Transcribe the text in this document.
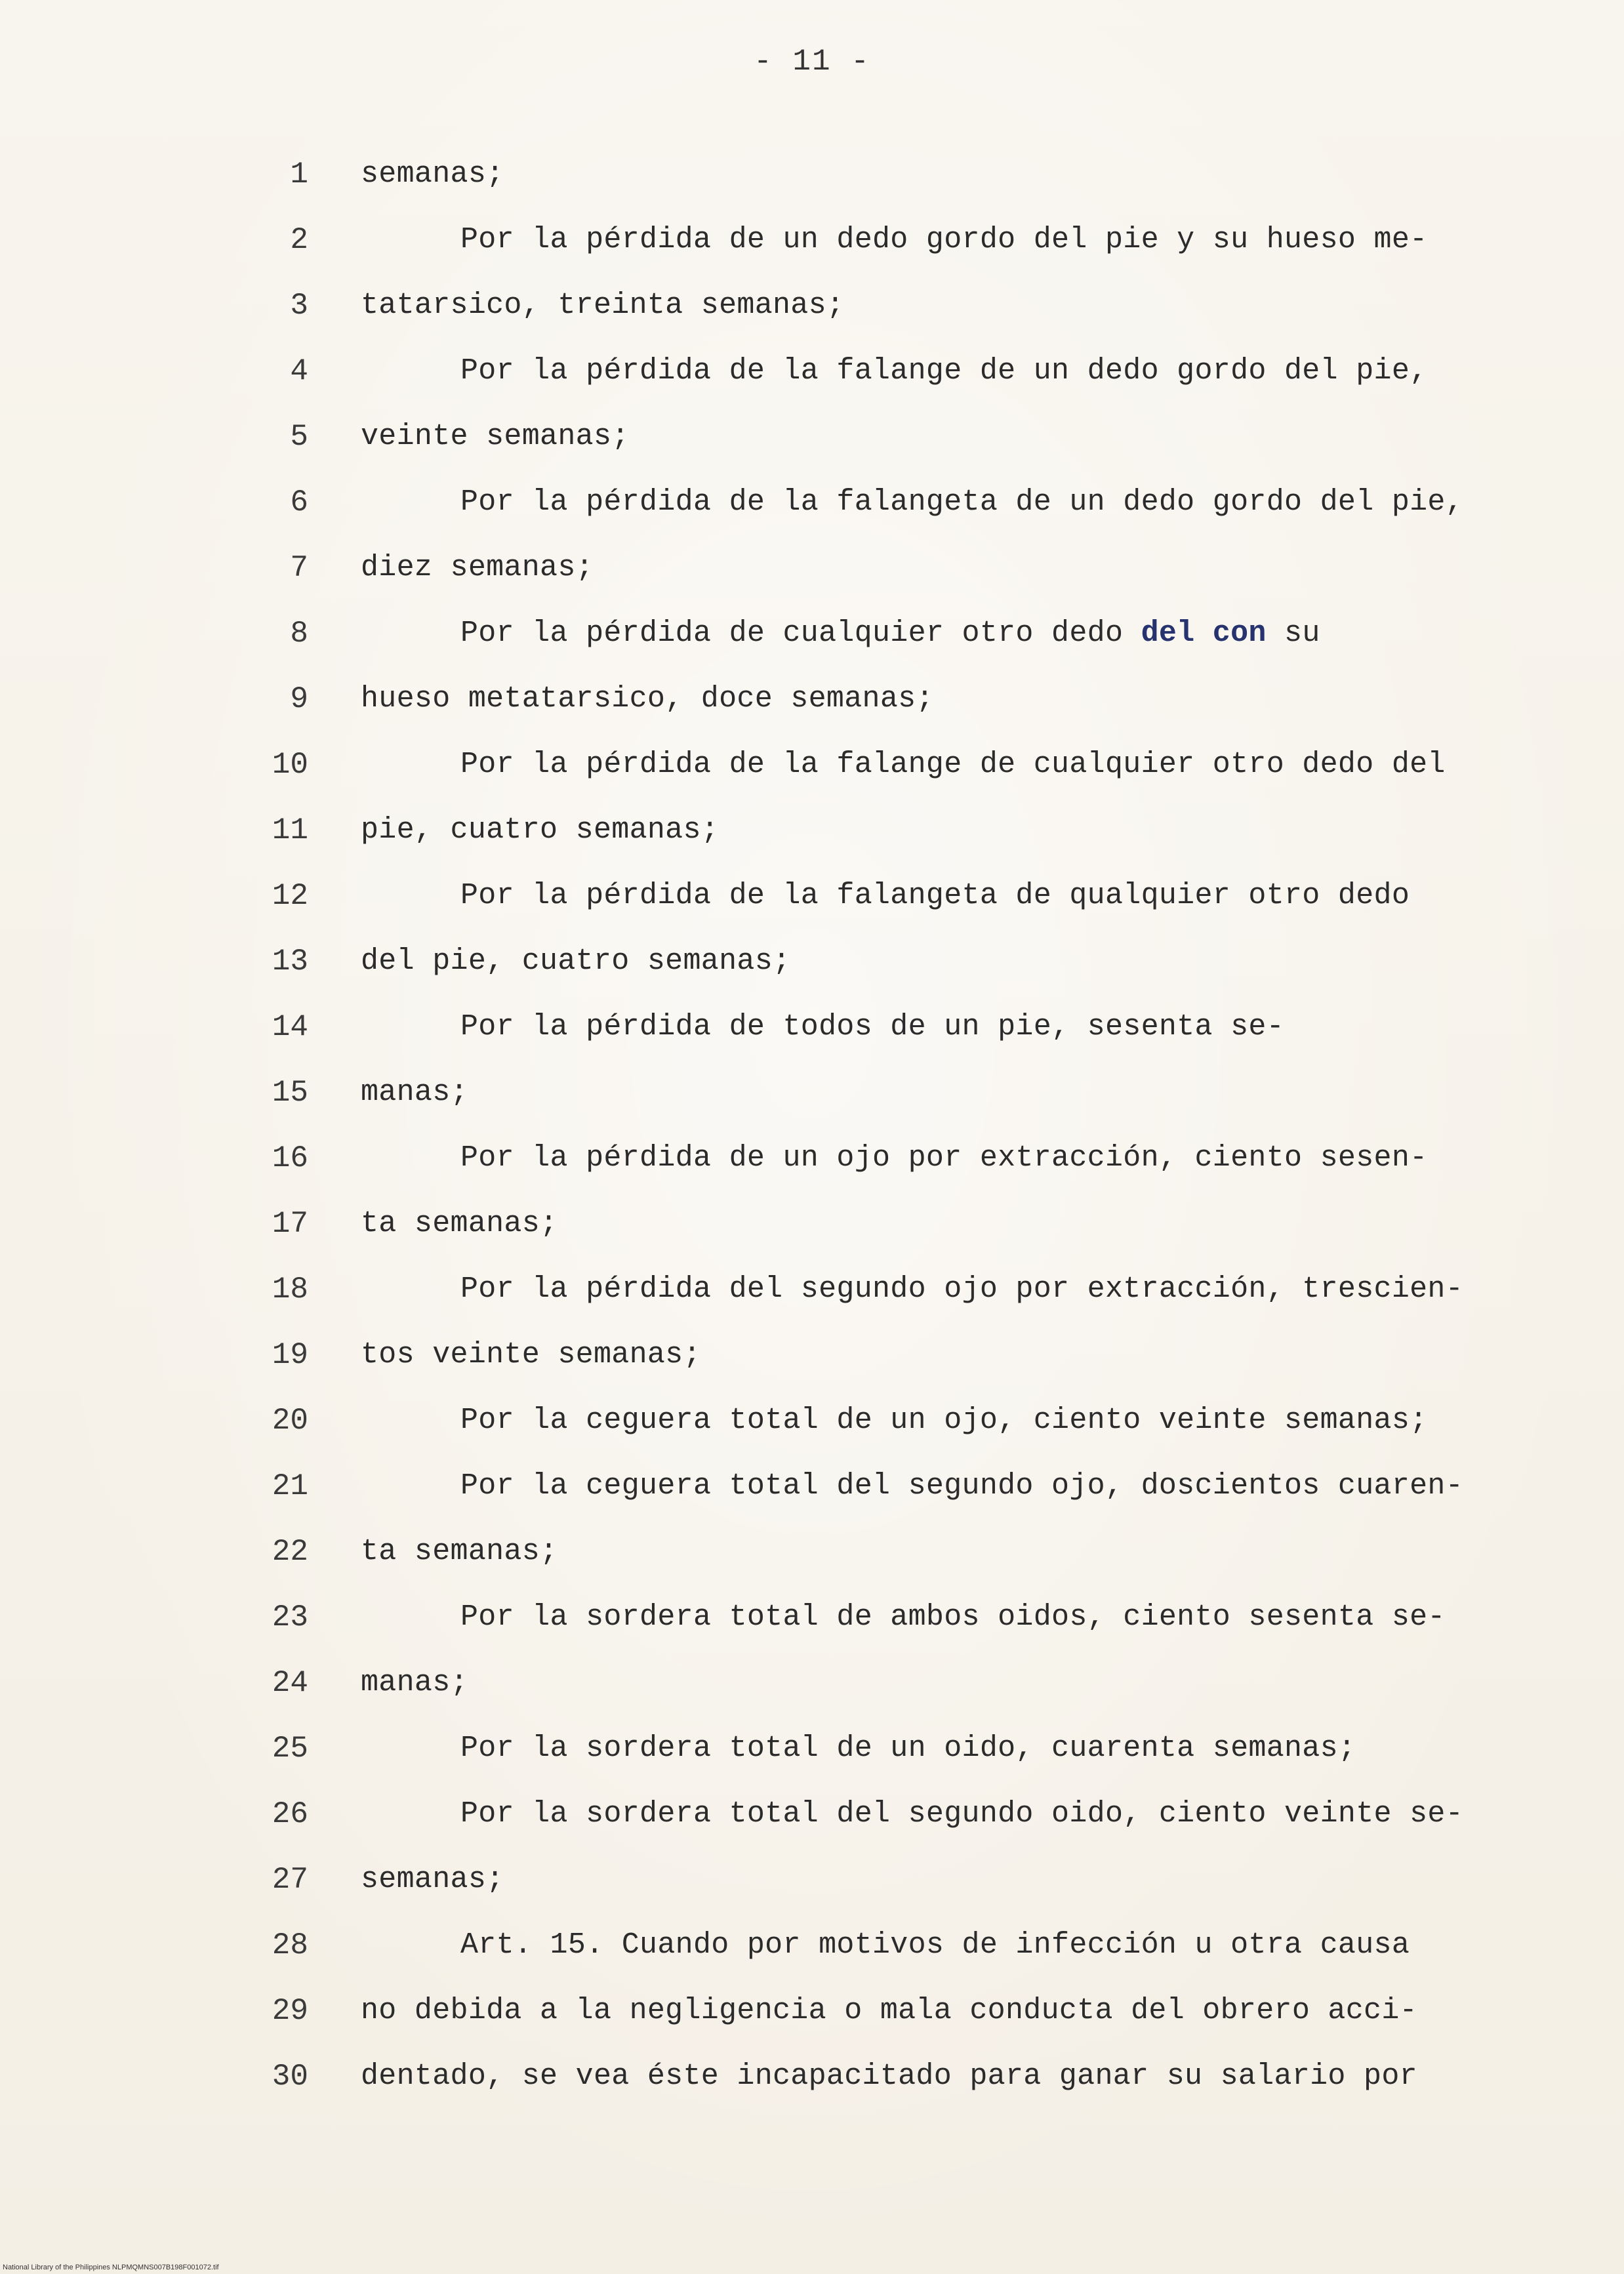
- 11 -
1 semanas;
2	Por la pérdida de un dedo gordo del pie y su hueso me-
3 tatarsico, treinta semanas;
4	Por la pérdida de la falange de un dedo gordo del pie,
5 veinte semanas;
6	Por la pérdida de la falangeta de un dedo gordo del pie,
7 diez semanas;
8	Por la pérdida de cualquier otro dedo del con su
9 hueso metatarsico, doce semanas;
10	Por la pérdida de la falange de cualquier otro dedo del
11 pie, cuatro semanas;
12	Por la pérdida de la falangeta de qualquier otro dedo
13 del pie, cuatro semanas;
14	Por la pérdida de todos de un pie, sesenta se-
15 manas;
16	Por la pérdida de un ojo por extracción, ciento sesen-
17 ta semanas;
18	Por la pérdida del segundo ojo por extracción, trescien-
19 tos veinte semanas;
20	Por la ceguera total de un ojo, ciento veinte semanas;
21	Por la ceguera total del segundo ojo, doscientos cuaren-
22 ta semanas;
23	Por la sordera total de ambos oidos, ciento sesenta se-
24 manas;
25	Por la sordera total de un oido, cuarenta semanas;
26	Por la sordera total del segundo oido, ciento veinte se-
27 semanas;
28	Art. 15. Cuando por motivos de infección u otra causa
29 no debida a la negligencia o mala conducta del obrero acci-
30 dentado, se vea éste incapacitado para ganar su salario por
National Library of the Philippines NLPMQMNS007B198F001072.tif
